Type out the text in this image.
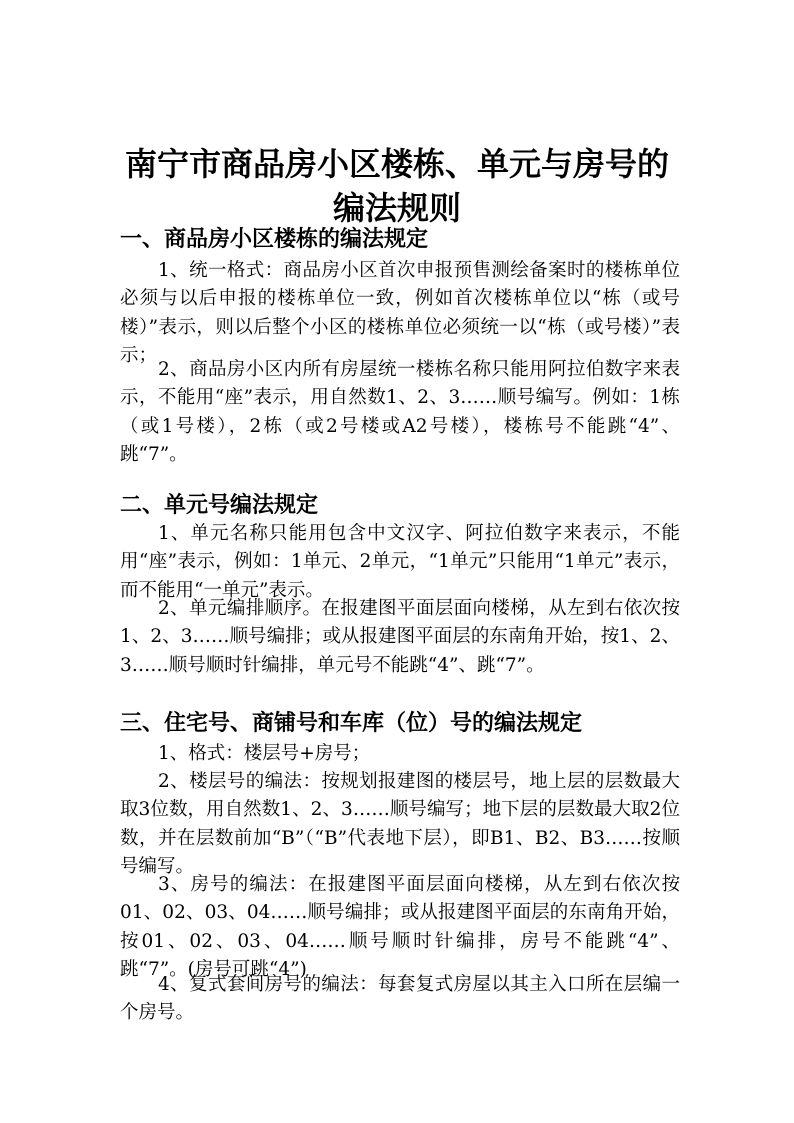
南宁市商品房小区楼栋、单元与房号的
编法规则
一、商品房小区楼栋的编法规定
1、统一格式：商品房小区首次申报预售测绘备案时的楼栋单位必须与以后申报的楼栋单位一致，例如首次楼栋单位以“栋（或号楼）”表示，则以后整个小区的楼栋单位必须统一以“栋（或号楼）”表示；
2、商品房小区内所有房屋统一楼栋名称只能用阿拉伯数字来表示，不能用“座”表示，用自然数1、2、3……顺号编写。例如：1栋（或1号楼），2栋（或2号楼或A2号楼），楼栋号不能跳“4”、跳“7”。
二、单元号编法规定
1、单元名称只能用包含中文汉字、阿拉伯数字来表示，不能用“座”表示，例如：1单元、2单元，“1单元”只能用“1单元”表示，而不能用“一单元”表示。
2、单元编排顺序。在报建图平面层面向楼梯，从左到右依次按1、2、3……顺号编排；或从报建图平面层的东南角开始，按1、2、3……顺号顺时针编排，单元号不能跳“4”、跳“7”。
三、住宅号、商铺号和车库（位）号的编法规定
1、格式：楼层号+房号；
2、楼层号的编法：按规划报建图的楼层号，地上层的层数最大取3位数，用自然数1、2、3……顺号编写；地下层的层数最大取2位数，并在层数前加“B”（“B”代表地下层），即B1、B2、B3……按顺号编写。
3、房号的编法：在报建图平面层面向楼梯，从左到右依次按01、02、03、04……顺号编排；或从报建图平面层的东南角开始，按01、02、03、04……顺号顺时针编排，房号不能跳“4”、跳“7”。(房号可跳“4”)
4、复式套间房号的编法：每套复式房屋以其主入口所在层编一个房号。
